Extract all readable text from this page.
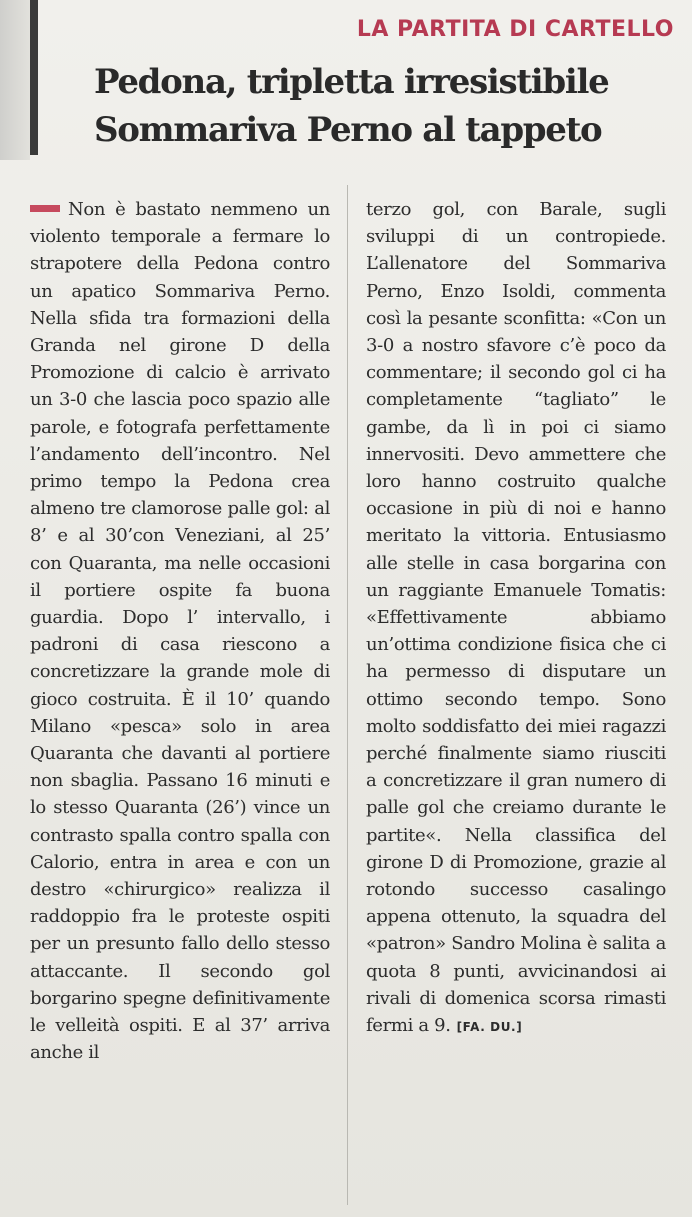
LA PARTITA DI CARTELLO
Pedona, tripletta irresistibile
Sommariva Perno al tappeto
Non è bastato nemmeno un violento temporale a fermare lo strapotere della Pedona contro un apatico Sommariva Perno. Nella sfida tra formazioni della Granda nel girone D della Promozione di calcio è arrivato un 3-0 che lascia poco spazio alle parole, e fotografa perfettamente l’andamento dell’incontro. Nel primo tempo la Pedona crea almeno tre clamorose palle gol: al 8’ e al 30’con Veneziani, al 25’ con Quaranta, ma nelle occasioni il portiere ospite fa buona guardia. Dopo l’ intervallo, i padroni di casa riescono a concretizzare la grande mole di gioco costruita. È il 10’ quando Milano «pesca» solo in area Quaranta che davanti al portiere non sbaglia. Passano 16 minuti e lo stesso Quaranta (26’) vince un contrasto spalla contro spalla con Calorio, entra in area e con un destro «chirurgico» realizza il raddoppio fra le proteste ospiti per un presunto fallo dello stesso attaccante. Il secondo gol borgarino spegne definitivamente le velleità ospiti. E al 37’ arriva anche il
terzo gol, con Barale, sugli sviluppi di un contropiede. L’allenatore del Sommariva Perno, Enzo Isoldi, commenta così la pesante sconfitta: «Con un 3-0 a nostro sfavore c’è poco da commentare; il secondo gol ci ha completamente “tagliato” le gambe, da lì in poi ci siamo innervositi. Devo ammettere che loro hanno costruito qualche occasione in più di noi e hanno meritato la vittoria. Entusiasmo alle stelle in casa borgarina con un raggiante Emanuele Tomatis: «Effettivamente abbiamo un’ottima condizione fisica che ci ha permesso di disputare un ottimo secondo tempo. Sono molto soddisfatto dei miei ragazzi perché finalmente siamo riusciti a concretizzare il gran numero di palle gol che creiamo durante le partite«. Nella classifica del girone D di Promozione, grazie al rotondo successo casalingo appena ottenuto, la squadra del «patron» Sandro Molina è salita a quota 8 punti, avvicinandosi ai rivali di domenica scorsa rimasti fermi a 9. [FA. DU.]
